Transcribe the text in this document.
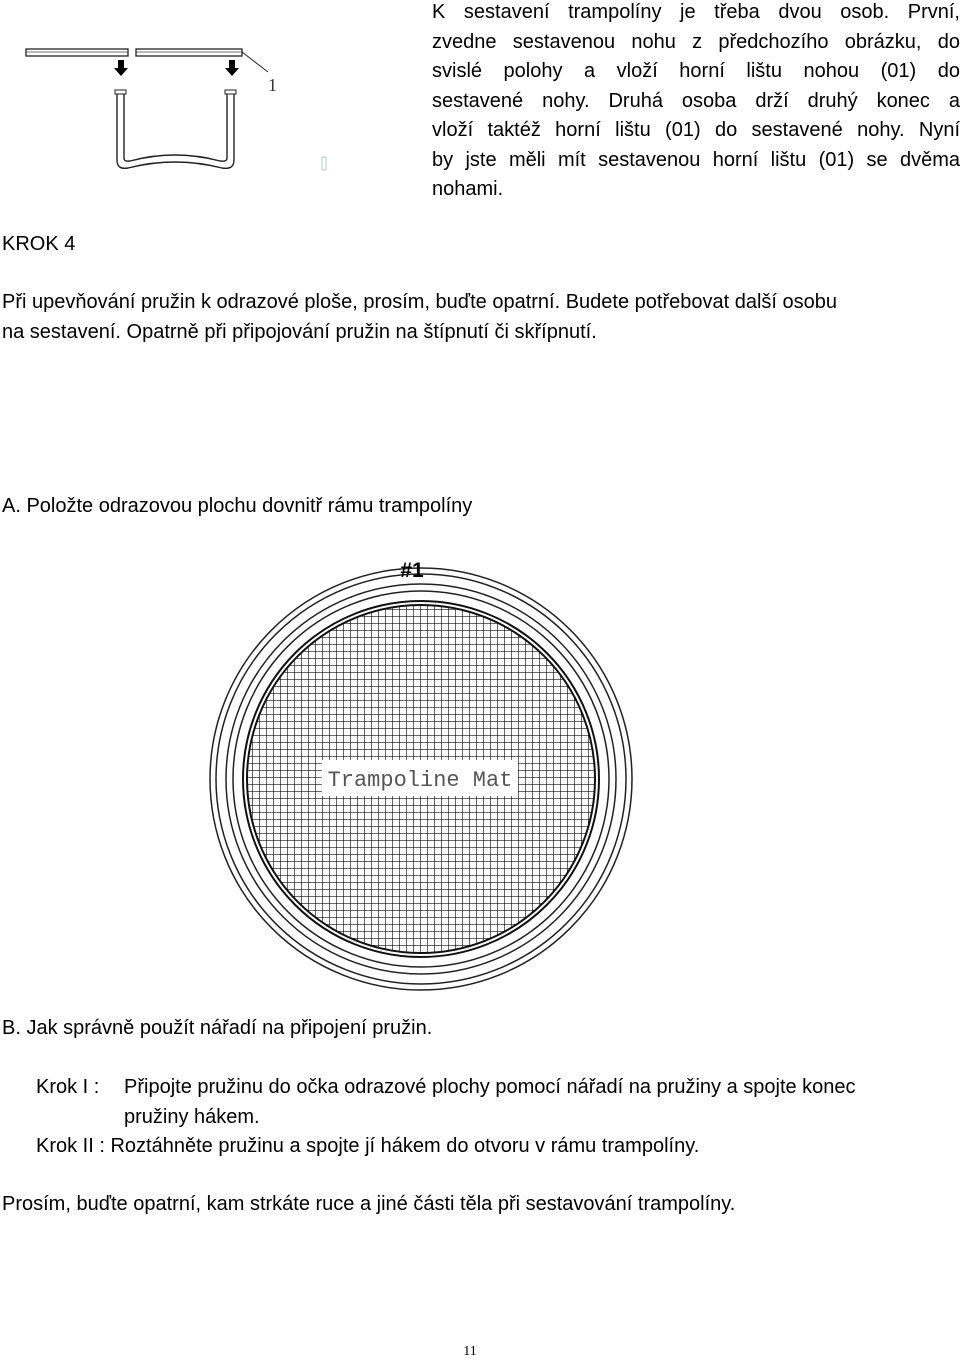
1
K sestavení trampolíny je třeba dvou osob. První,
zvedne sestavenou nohu z předchozího obrázku, do
svislé polohy a vloží horní lištu nohou (01) do
sestavené nohy. Druhá osoba drží druhý konec a
vloží taktéž horní lištu (01) do sestavené nohy. Nyní
by jste měli mít sestavenou horní lištu (01) se dvěma
nohami.
KROK 4
Při upevňování pružin k odrazové ploše, prosím, buďte opatrní. Budete potřebovat další osobu
na sestavení. Opatrně při připojování pružin na štípnutí či skřípnutí.
A. Položte odrazovou plochu dovnitř rámu trampolíny
Trampoline Mat
#1
B. Jak správně použít nářadí na připojení pružin.
Krok I : Připojte pružinu do očka odrazové plochy pomocí nářadí na pružiny a spojte konec
pružiny hákem.
Krok II : Roztáhněte pružinu a spojte jí hákem do otvoru v rámu trampolíny.
Prosím, buďte opatrní, kam strkáte ruce a jiné části těla při sestavování trampolíny.
11
